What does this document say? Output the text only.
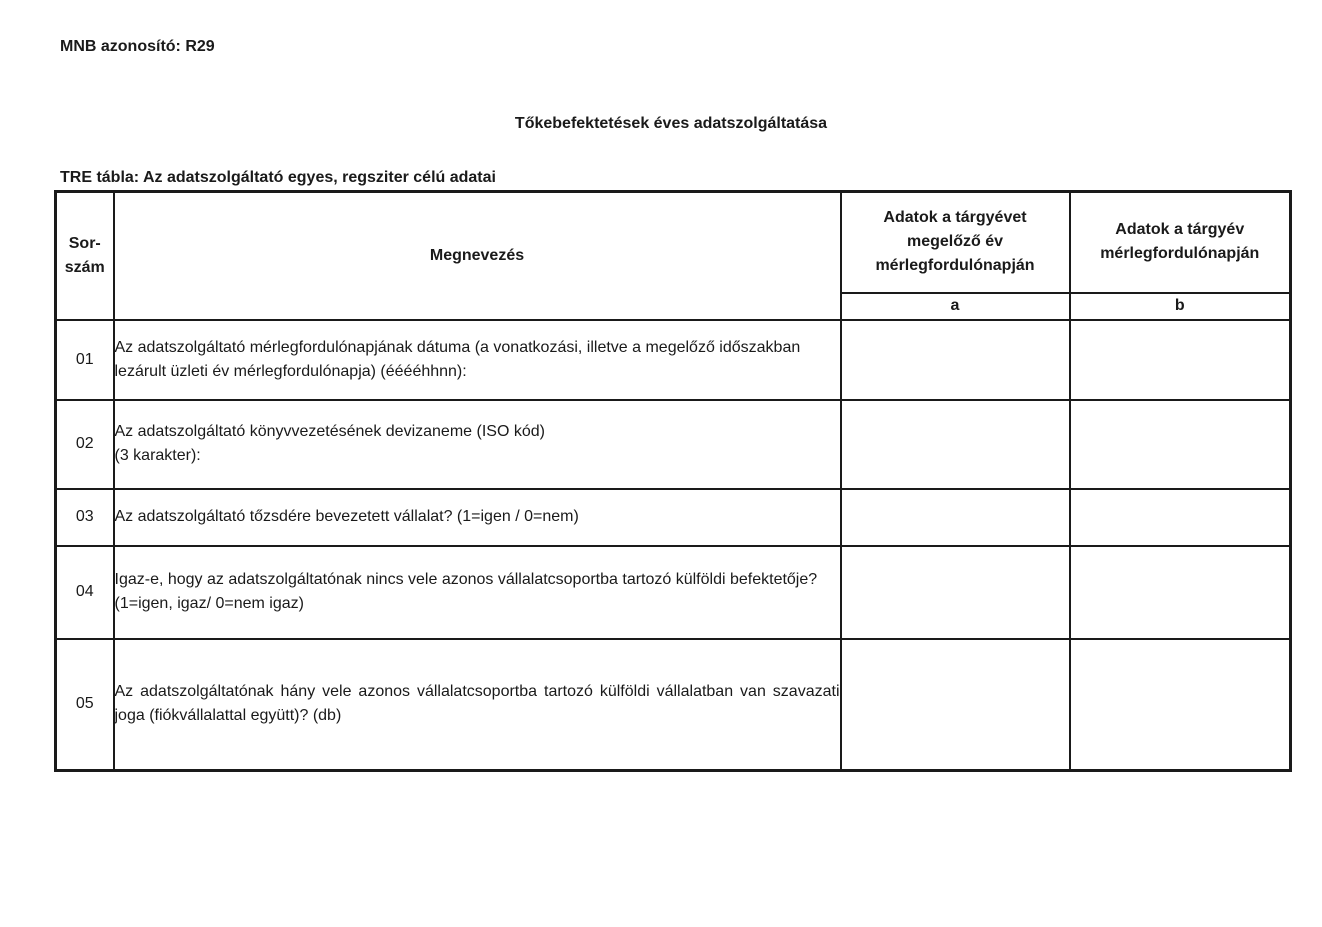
MNB azonosító: R29
Tőkebefektetések éves adatszolgáltatása
TRE tábla: Az adatszolgáltató egyes, regsziter célú adatai
Sor-
szám	Megnevezés	Adatok a tárgyévet megelőző év mérlegfordulónapján	Adatok a tárgyév mérlegfordulónapján
		a	b
01	Az adatszolgáltató mérlegfordulónapjának dátuma (a vonatkozási, illetve a megelőző időszakban lezárult üzleti év mérlegfordulónapja) (ééééhhnn):		
02	Az adatszolgáltató könyvvezetésének devizaneme (ISO kód)
(3 karakter):		
03	Az adatszolgáltató tőzsdére bevezetett vállalat? (1=igen / 0=nem)		
04	Igaz-e, hogy az adatszolgáltatónak nincs vele azonos vállalatcsoportba tartozó külföldi befektetője? (1=igen, igaz/ 0=nem igaz)		
05	Az adatszolgáltatónak hány vele azonos vállalatcsoportba tartozó külföldi vállalatban van szavazati joga (fiókvállalattal együtt)? (db)		
